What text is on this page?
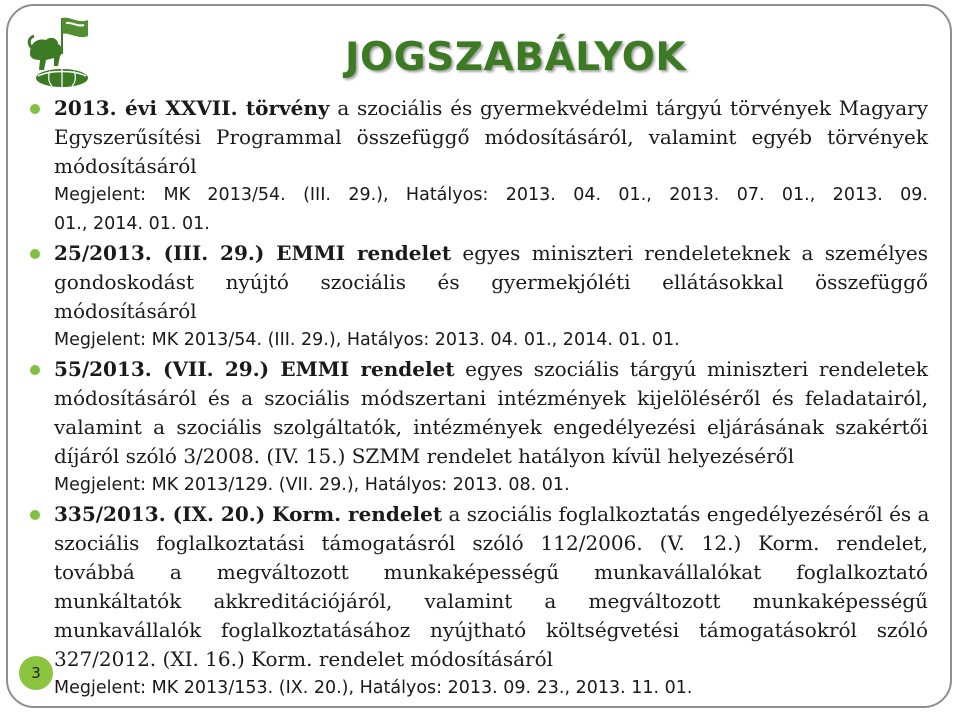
JOGSZABÁLYOK
2013. évi XXVII. törvény a szociális és gyermekvédelmi tárgyú törvények Magyary
Egyszerűsítési Programmal összefüggő módosításáról, valamint egyéb törvények
módosításáról
Megjelent: MK 2013/54. (III. 29.), Hatályos: 2013. 04. 01., 2013. 07. 01., 2013. 09.
01., 2014. 01. 01.
25/2013. (III. 29.) EMMI rendelet egyes miniszteri rendeleteknek a személyes
gondoskodást nyújtó szociális és gyermekjóléti ellátásokkal összefüggő
módosításáról
Megjelent: MK 2013/54. (III. 29.), Hatályos: 2013. 04. 01., 2014. 01. 01.
55/2013. (VII. 29.) EMMI rendelet egyes szociális tárgyú miniszteri rendeletek
módosításáról és a szociális módszertani intézmények kijelöléséről és feladatairól,
valamint a szociális szolgáltatók, intézmények engedélyezési eljárásának szakértői
díjáról szóló 3/2008. (IV. 15.) SZMM rendelet hatályon kívül helyezéséről
Megjelent: MK 2013/129. (VII. 29.), Hatályos: 2013. 08. 01.
335/2013. (IX. 20.) Korm. rendelet a szociális foglalkoztatás engedélyezéséről és a
szociális foglalkoztatási támogatásról szóló 112/2006. (V. 12.) Korm. rendelet,
továbbá a megváltozott munkaképességű munkavállalókat foglalkoztató
munkáltatók akkreditációjáról, valamint a megváltozott munkaképességű
munkavállalók foglalkoztatásához nyújtható költségvetési támogatásokról szóló
327/2012. (XI. 16.) Korm. rendelet módosításáról
Megjelent: MK 2013/153. (IX. 20.), Hatályos: 2013. 09. 23., 2013. 11. 01.
3
